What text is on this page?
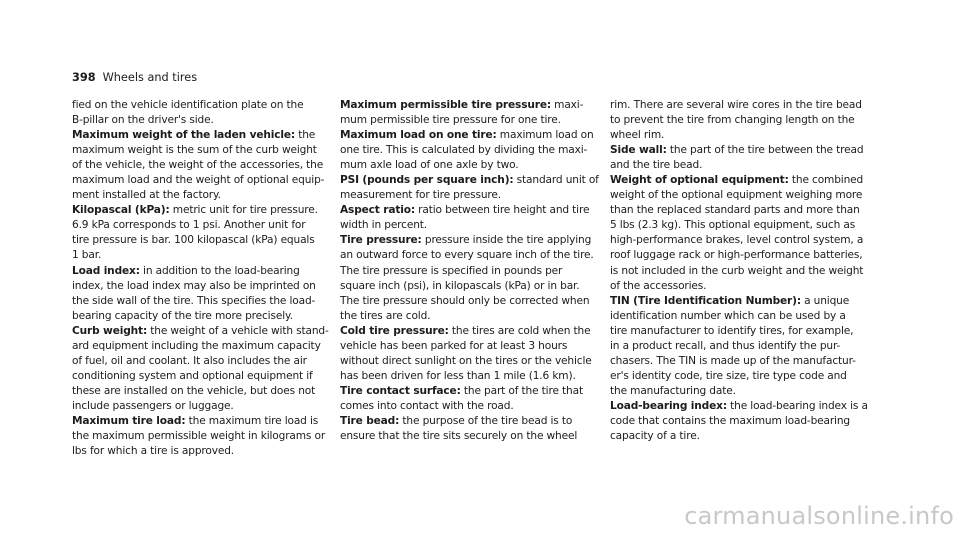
398 Wheels and tires
fied on the vehicle identification plate on the
B-pillar on the driver's side.
Maximum weight of the laden vehicle: the
maximum weight is the sum of the curb weight
of the vehicle, the weight of the accessories, the
maximum load and the weight of optional equip-
ment installed at the factory.
Kilopascal (kPa): metric unit for tire pressure.
6.9 kPa corresponds to 1 psi. Another unit for
tire pressure is bar. 100 kilopascal (kPa) equals
1 bar.
Load index: in addition to the load-bearing
index, the load index may also be imprinted on
the side wall of the tire. This specifies the load-
bearing capacity of the tire more precisely.
Curb weight: the weight of a vehicle with stand-
ard equipment including the maximum capacity
of fuel, oil and coolant. It also includes the air
conditioning system and optional equipment if
these are installed on the vehicle, but does not
include passengers or luggage.
Maximum tire load: the maximum tire load is
the maximum permissible weight in kilograms or
lbs for which a tire is approved.
Maximum permissible tire pressure: maxi-
mum permissible tire pressure for one tire.
Maximum load on one tire: maximum load on
one tire. This is calculated by dividing the maxi-
mum axle load of one axle by two.
PSI (pounds per square inch): standard unit of
measurement for tire pressure.
Aspect ratio: ratio between tire height and tire
width in percent.
Tire pressure: pressure inside the tire applying
an outward force to every square inch of the tire.
The tire pressure is specified in pounds per
square inch (psi), in kilopascals (kPa) or in bar.
The tire pressure should only be corrected when
the tires are cold.
Cold tire pressure: the tires are cold when the
vehicle has been parked for at least 3 hours
without direct sunlight on the tires or the vehicle
has been driven for less than 1 mile (1.6 km).
Tire contact surface: the part of the tire that
comes into contact with the road.
Tire bead: the purpose of the tire bead is to
ensure that the tire sits securely on the wheel
rim. There are several wire cores in the tire bead
to prevent the tire from changing length on the
wheel rim.
Side wall: the part of the tire between the tread
and the tire bead.
Weight of optional equipment: the combined
weight of the optional equipment weighing more
than the replaced standard parts and more than
5 lbs (2.3 kg). This optional equipment, such as
high-performance brakes, level control system, a
roof luggage rack or high-performance batteries,
is not included in the curb weight and the weight
of the accessories.
TIN (Tire Identification Number): a unique
identification number which can be used by a
tire manufacturer to identify tires, for example,
in a product recall, and thus identify the pur-
chasers. The TIN is made up of the manufactur-
er's identity code, tire size, tire type code and
the manufacturing date.
Load-bearing index: the load-bearing index is a
code that contains the maximum load-bearing
capacity of a tire.
carmanualsonline.info
